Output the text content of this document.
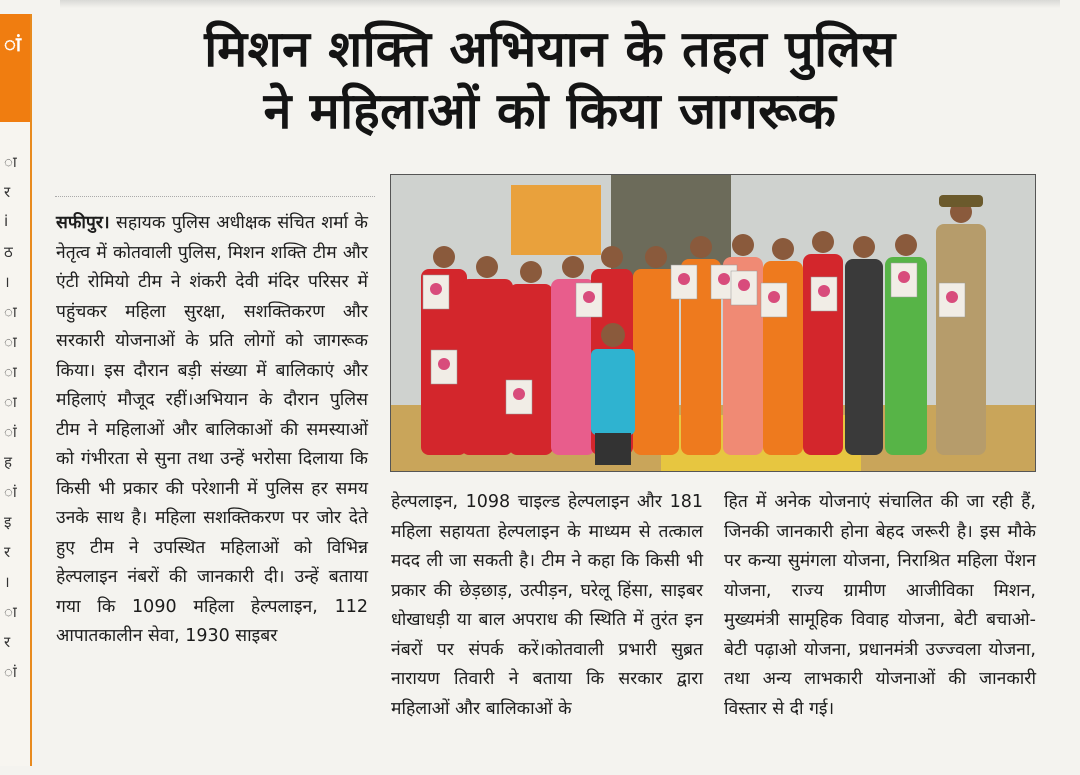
ां
ा
र
i
ठ
।
ा
ा
ा
ा
ां
ह
ां
इ
र
।
ा
र
ां
मिशन शक्ति अभियान के तहत पुलिस
ने महिलाओं को किया जागरूक

सफीपुर। सहायक पुलिस अधीक्षक संचित शर्मा के नेतृत्व में कोतवाली पुलिस, मिशन शक्ति टीम और एंटी रोमियो टीम ने शंकरी देवी मंदिर परिसर में पहुंचकर महिला सुरक्षा, सशक्तिकरण और सरकारी योजनाओं के प्रति लोगों को जागरूक किया। इस दौरान बड़ी संख्या में बालिकाएं और महिलाएं मौजूद रहीं।अभियान के दौरान पुलिस टीम ने महिलाओं और बालिकाओं की समस्याओं को गंभीरता से सुना तथा उन्हें भरोसा दिलाया कि किसी भी प्रकार की परेशानी में पुलिस हर समय उनके साथ है। महिला सशक्तिकरण पर जोर देते हुए टीम ने उपस्थित महिलाओं को विभिन्न हेल्पलाइन नंबरों की जानकारी दी। उन्हें बताया गया कि 1090 महिला हेल्पलाइन, 112 आपातकालीन सेवा, 1930 साइबर

हेल्पलाइन, 1098 चाइल्ड हेल्पलाइन और 181 महिला सहायता हेल्पलाइन के माध्यम से तत्काल मदद ली जा सकती है। टीम ने कहा कि किसी भी प्रकार की छेड़छाड़, उत्पीड़न, घरेलू हिंसा, साइबर धोखाधड़ी या बाल अपराध की स्थिति में तुरंत इन नंबरों पर संपर्क करें।कोतवाली प्रभारी सुब्रत नारायण तिवारी ने बताया कि सरकार द्वारा महिलाओं और बालिकाओं के

हित में अनेक योजनाएं संचालित की जा रही हैं, जिनकी जानकारी होना बेहद जरूरी है। इस मौके पर कन्या सुमंगला योजना, निराश्रित महिला पेंशन योजना, राज्य ग्रामीण आजीविका मिशन, मुख्यमंत्री सामूहिक विवाह योजना, बेटी बचाओ-बेटी पढ़ाओ योजना, प्रधानमंत्री उज्ज्वला योजना, तथा अन्य लाभकारी योजनाओं की जानकारी विस्तार से दी गई।
